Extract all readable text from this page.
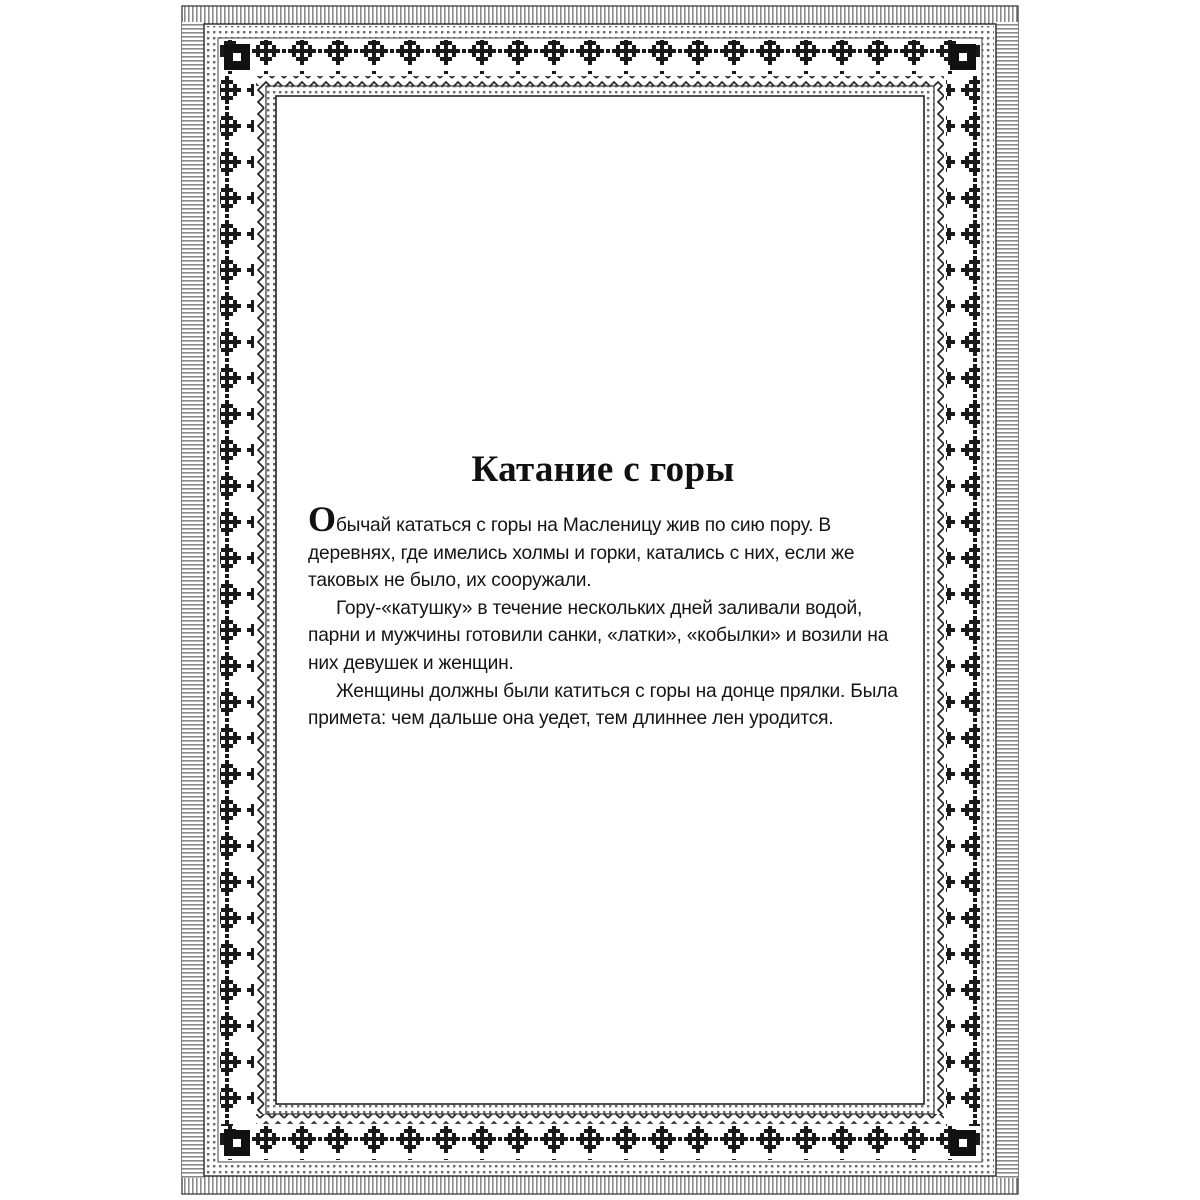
Катание с горы

Обычай кататься с горы на Масленицу жив по сию пору. В деревнях, где имелись холмы и горки, катались с них, если же таковых не было, их сооружали.

Гору-«катушку» в течение нескольких дней заливали водой, парни и мужчины готовили санки, «латки», «кобылки» и возили на них девушек и женщин.

Женщины должны были катиться с горы на донце прялки. Была примета: чем дальше она уедет, тем длиннее лен уродится.
